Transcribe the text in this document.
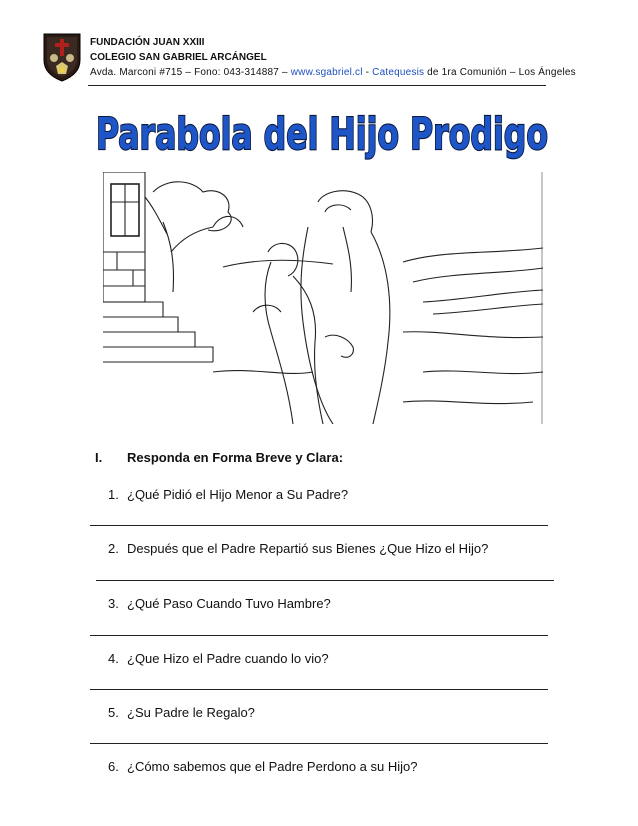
FUNDACIÓN JUAN XXIII
COLEGIO SAN GABRIEL ARCÁNGEL
Avda. Marconi #715 – Fono: 043-314887 – www.sgabriel.cl - Catequesis de 1ra Comunión – Los Ángeles
Parabola del Hijo Prodigo
I. Responda en Forma Breve y Clara:
1. ¿Qué Pidió el Hijo Menor a Su Padre?
2. Después que el Padre Repartió sus Bienes ¿Que Hizo el Hijo?
3. ¿Qué Paso Cuando Tuvo Hambre?
4. ¿Que Hizo el Padre cuando lo vio?
5. ¿Su Padre le Regalo?
6. ¿Cómo sabemos que el Padre Perdono a su Hijo?
